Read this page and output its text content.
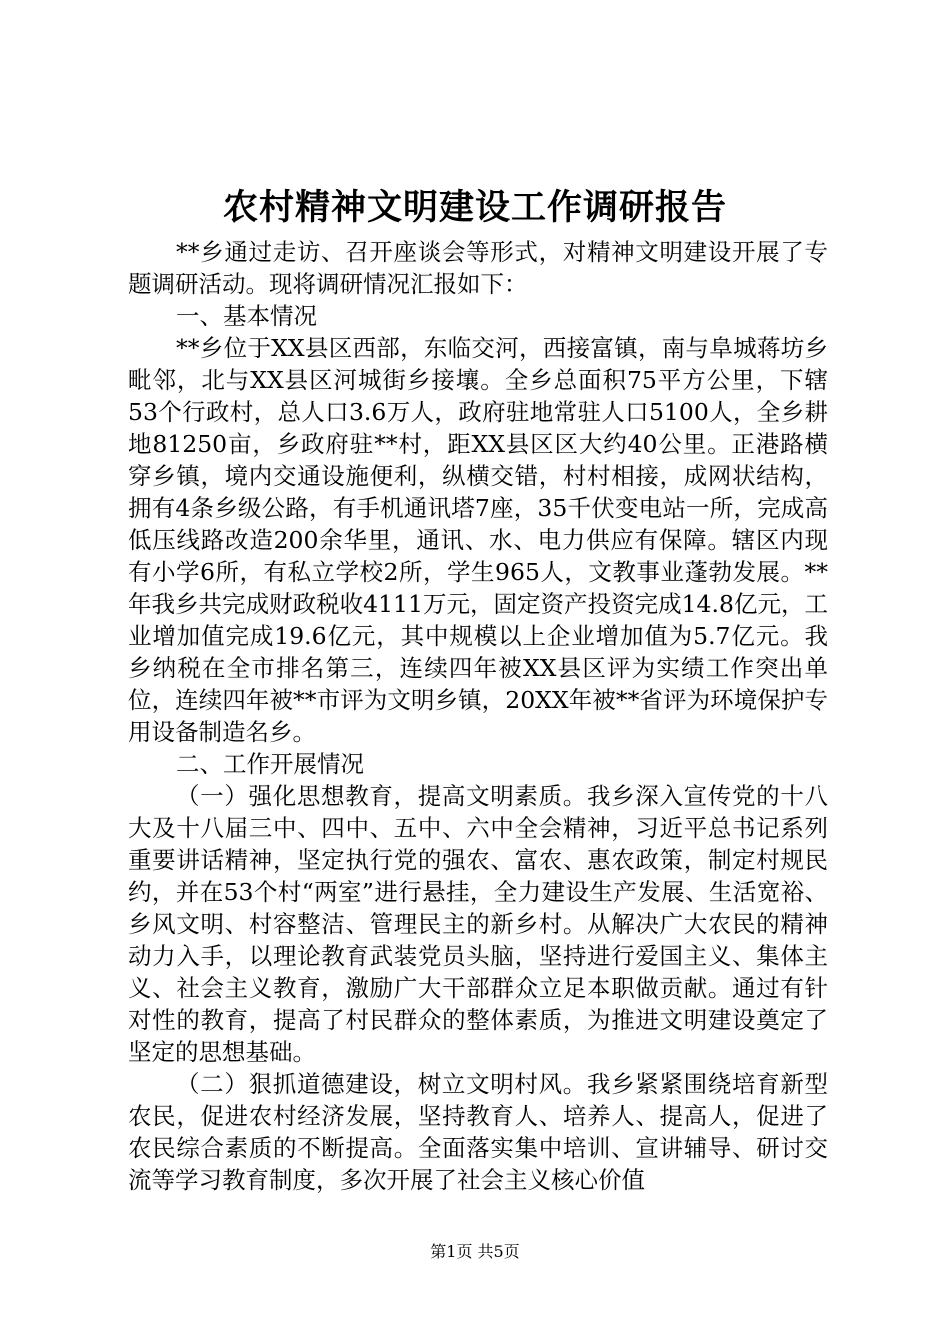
农村精神文明建设工作调研报告

**乡通过走访、召开座谈会等形式，对精神文明建设开展了专题调研活动。现将调研情况汇报如下：

一、基本情况

**乡位于XX县区西部，东临交河，西接富镇，南与阜城蒋坊乡毗邻，北与XX县区河城街乡接壤。全乡总面积75平方公里，下辖53个行政村，总人口3.6万人，政府驻地常驻人口5100人，全乡耕地81250亩，乡政府驻**村，距XX县区区大约40公里。正港路横穿乡镇，境内交通设施便利，纵横交错，村村相接，成网状结构，拥有4条乡级公路，有手机通讯塔7座，35千伏变电站一所，完成高低压线路改造200余华里，通讯、水、电力供应有保障。辖区内现有小学6所，有私立学校2所，学生965人，文教事业蓬勃发展。**年我乡共完成财政税收4111万元，固定资产投资完成14.8亿元，工业增加值完成19.6亿元，其中规模以上企业增加值为5.7亿元。我乡纳税在全市排名第三，连续四年被XX县区评为实绩工作突出单位，连续四年被**市评为文明乡镇，20XX年被**省评为环境保护专用设备制造名乡。

二、工作开展情况

（一）强化思想教育，提高文明素质。我乡深入宣传党的十八大及十八届三中、四中、五中、六中全会精神，习近平总书记系列重要讲话精神，坚定执行党的强农、富农、惠农政策，制定村规民约，并在53个村“两室”进行悬挂，全力建设生产发展、生活宽裕、乡风文明、村容整洁、管理民主的新乡村。从解决广大农民的精神动力入手，以理论教育武装党员头脑，坚持进行爱国主义、集体主义、社会主义教育，激励广大干部群众立足本职做贡献。通过有针对性的教育，提高了村民群众的整体素质，为推进文明建设奠定了坚定的思想基础。

（二）狠抓道德建设，树立文明村风。我乡紧紧围绕培育新型农民，促进农村经济发展，坚持教育人、培养人、提高人，促进了农民综合素质的不断提高。全面落实集中培训、宣讲辅导、研讨交流等学习教育制度，多次开展了社会主义核心价值

第1页 共5页
